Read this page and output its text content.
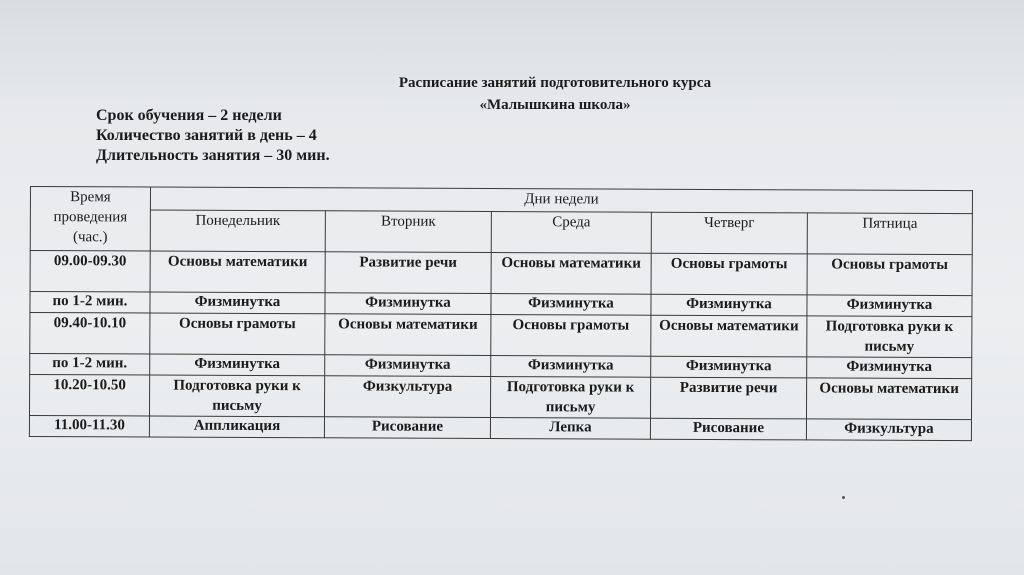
Расписание занятий подготовительного курса
«Малышкина школа»
Срок обучения – 2 недели
Количество занятий в день – 4
Длительность занятия – 30 мин.
Время проведения (час.)	Дни недели				
	Понедельник	Вторник	Среда	Четверг	Пятница
09.00-09.30	Основы математики	Развитие речи	Основы математики	Основы грамоты	Основы грамоты
по 1-2 мин.	Физминутка	Физминутка	Физминутка	Физминутка	Физминутка
09.40-10.10	Основы грамоты	Основы математики	Основы грамоты	Основы математики	Подготовка руки к письму
по 1-2 мин.	Физминутка	Физминутка	Физминутка	Физминутка	Физминутка
10.20-10.50	Подготовка руки к письму	Физкультура	Подготовка руки к письму	Развитие речи	Основы математики
11.00-11.30	Аппликация	Рисование	Лепка	Рисование	Физкультура
